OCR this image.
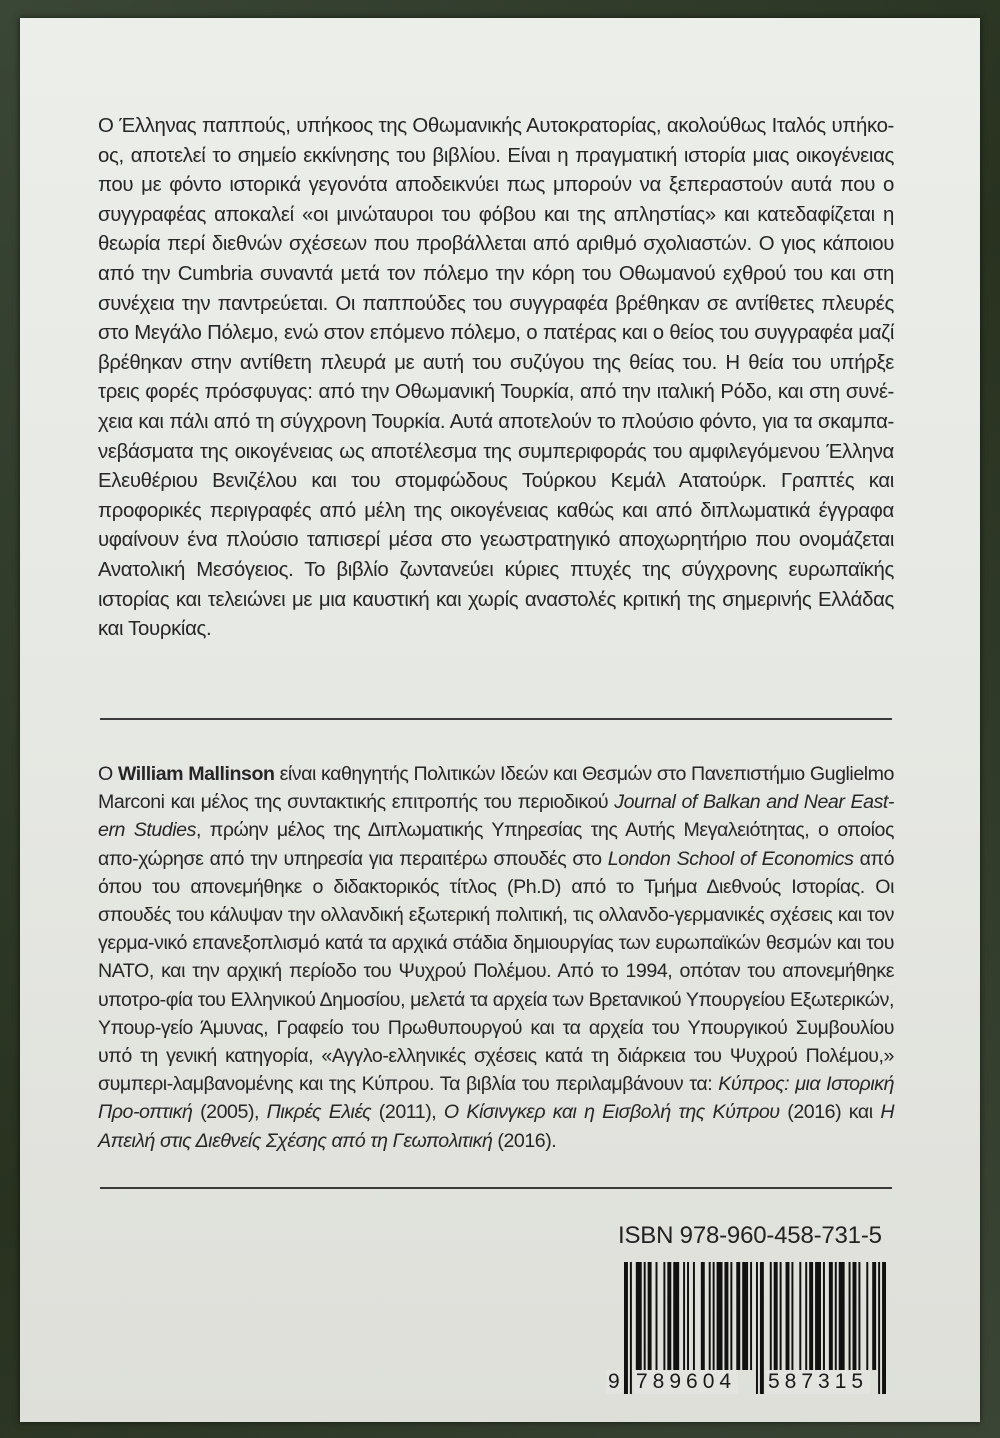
Ο Έλληνας παππούς, υπήκοος της Οθωμανικής Αυτοκρατορίας, ακολούθως Ιταλός υπήκο-ος, αποτελεί το σημείο εκκίνησης του βιβλίου. Είναι η πραγματική ιστορία μιας οικογένειας που με φόντο ιστορικά γεγονότα αποδεικνύει πως μπορούν να ξεπεραστούν αυτά που ο συγγραφέας αποκαλεί «οι μινώταυροι του φόβου και της απληστίας» και κατεδαφίζεται η θεωρία περί διεθνών σχέσεων που προβάλλεται από αριθμό σχολιαστών. Ο γιος κάποιου από την Cumbria συναντά μετά τον πόλεμο την κόρη του Οθωμανού εχθρού του και στη συνέχεια την παντρεύεται. Οι παππούδες του συγγραφέα βρέθηκαν σε αντίθετες πλευρές στο Μεγάλο Πόλεμο, ενώ στον επόμενο πόλεμο, ο πατέρας και ο θείος του συγγραφέα μαζί βρέθηκαν στην αντίθετη πλευρά με αυτή του συζύγου της θείας του. Η θεία του υπήρξε τρεις φορές πρόσφυγας: από την Οθωμανική Τουρκία, από την ιταλική Ρόδο, και στη συνέ-χεια και πάλι από τη σύγχρονη Τουρκία. Αυτά αποτελούν το πλούσιο φόντο, για τα σκαμπα-νεβάσματα της οικογένειας ως αποτέλεσμα της συμπεριφοράς του αμφιλεγόμενου Έλληνα Ελευθέριου Βενιζέλου και του στομφώδους Τούρκου Κεμάλ Ατατούρκ. Γραπτές και προφορικές περιγραφές από μέλη της οικογένειας καθώς και από διπλωματικά έγγραφα υφαίνουν ένα πλούσιο ταπισερί μέσα στο γεωστρατηγικό αποχωρητήριο που ονομάζεται Ανατολική Μεσόγειος. Το βιβλίο ζωντανεύει κύριες πτυχές της σύγχρονης ευρωπαϊκής ιστορίας και τελειώνει με μια καυστική και χωρίς αναστολές κριτική της σημερινής Ελλάδας και Τουρκίας.

Ο William Mallinson είναι καθηγητής Πολιτικών Ιδεών και Θεσμών στο Πανεπιστήμιο Guglielmo Marconi και μέλος της συντακτικής επιτροπής του περιοδικού Journal of Balkan and Near East-ern Studies, πρώην μέλος της Διπλωματικής Υπηρεσίας της Αυτής Μεγαλειότητας, ο οποίος απο-χώρησε από την υπηρεσία για περαιτέρω σπουδές στο London School of Economics από όπου του απονεμήθηκε ο διδακτορικός τίτλος (Ph.D) από το Τμήμα Διεθνούς Ιστορίας. Οι σπουδές του κάλυψαν την ολλανδική εξωτερική πολιτική, τις ολλανδο-γερμανικές σχέσεις και τον γερμα-νικό επανεξοπλισμό κατά τα αρχικά στάδια δημιουργίας των ευρωπαϊκών θεσμών και του ΝΑΤΟ, και την αρχική περίοδο του Ψυχρού Πολέμου. Από το 1994, οπόταν του απονεμήθηκε υποτρο-φία του Ελληνικού Δημοσίου, μελετά τα αρχεία των Βρετανικού Υπουργείου Εξωτερικών, Υπουρ-γείο Άμυνας, Γραφείο του Πρωθυπουργού και τα αρχεία του Υπουργικού Συμβουλίου υπό τη γενική κατηγορία, «Αγγλο-ελληνικές σχέσεις κατά τη διάρκεια του Ψυχρού Πολέμου,» συμπερι-λαμβανομένης και της Κύπρου. Τα βιβλία του περιλαμβάνουν τα: Κύπρος: μια Ιστορική Προ-οπτική (2005), Πικρές Ελιές (2011), Ο Κίσινγκερ και η Εισβολή της Κύπρου (2016) και Η Απειλή στις Διεθνείς Σχέσης από τη Γεωπολιτική (2016).

ISBN 978-960-458-731-5
9 789604 587315
